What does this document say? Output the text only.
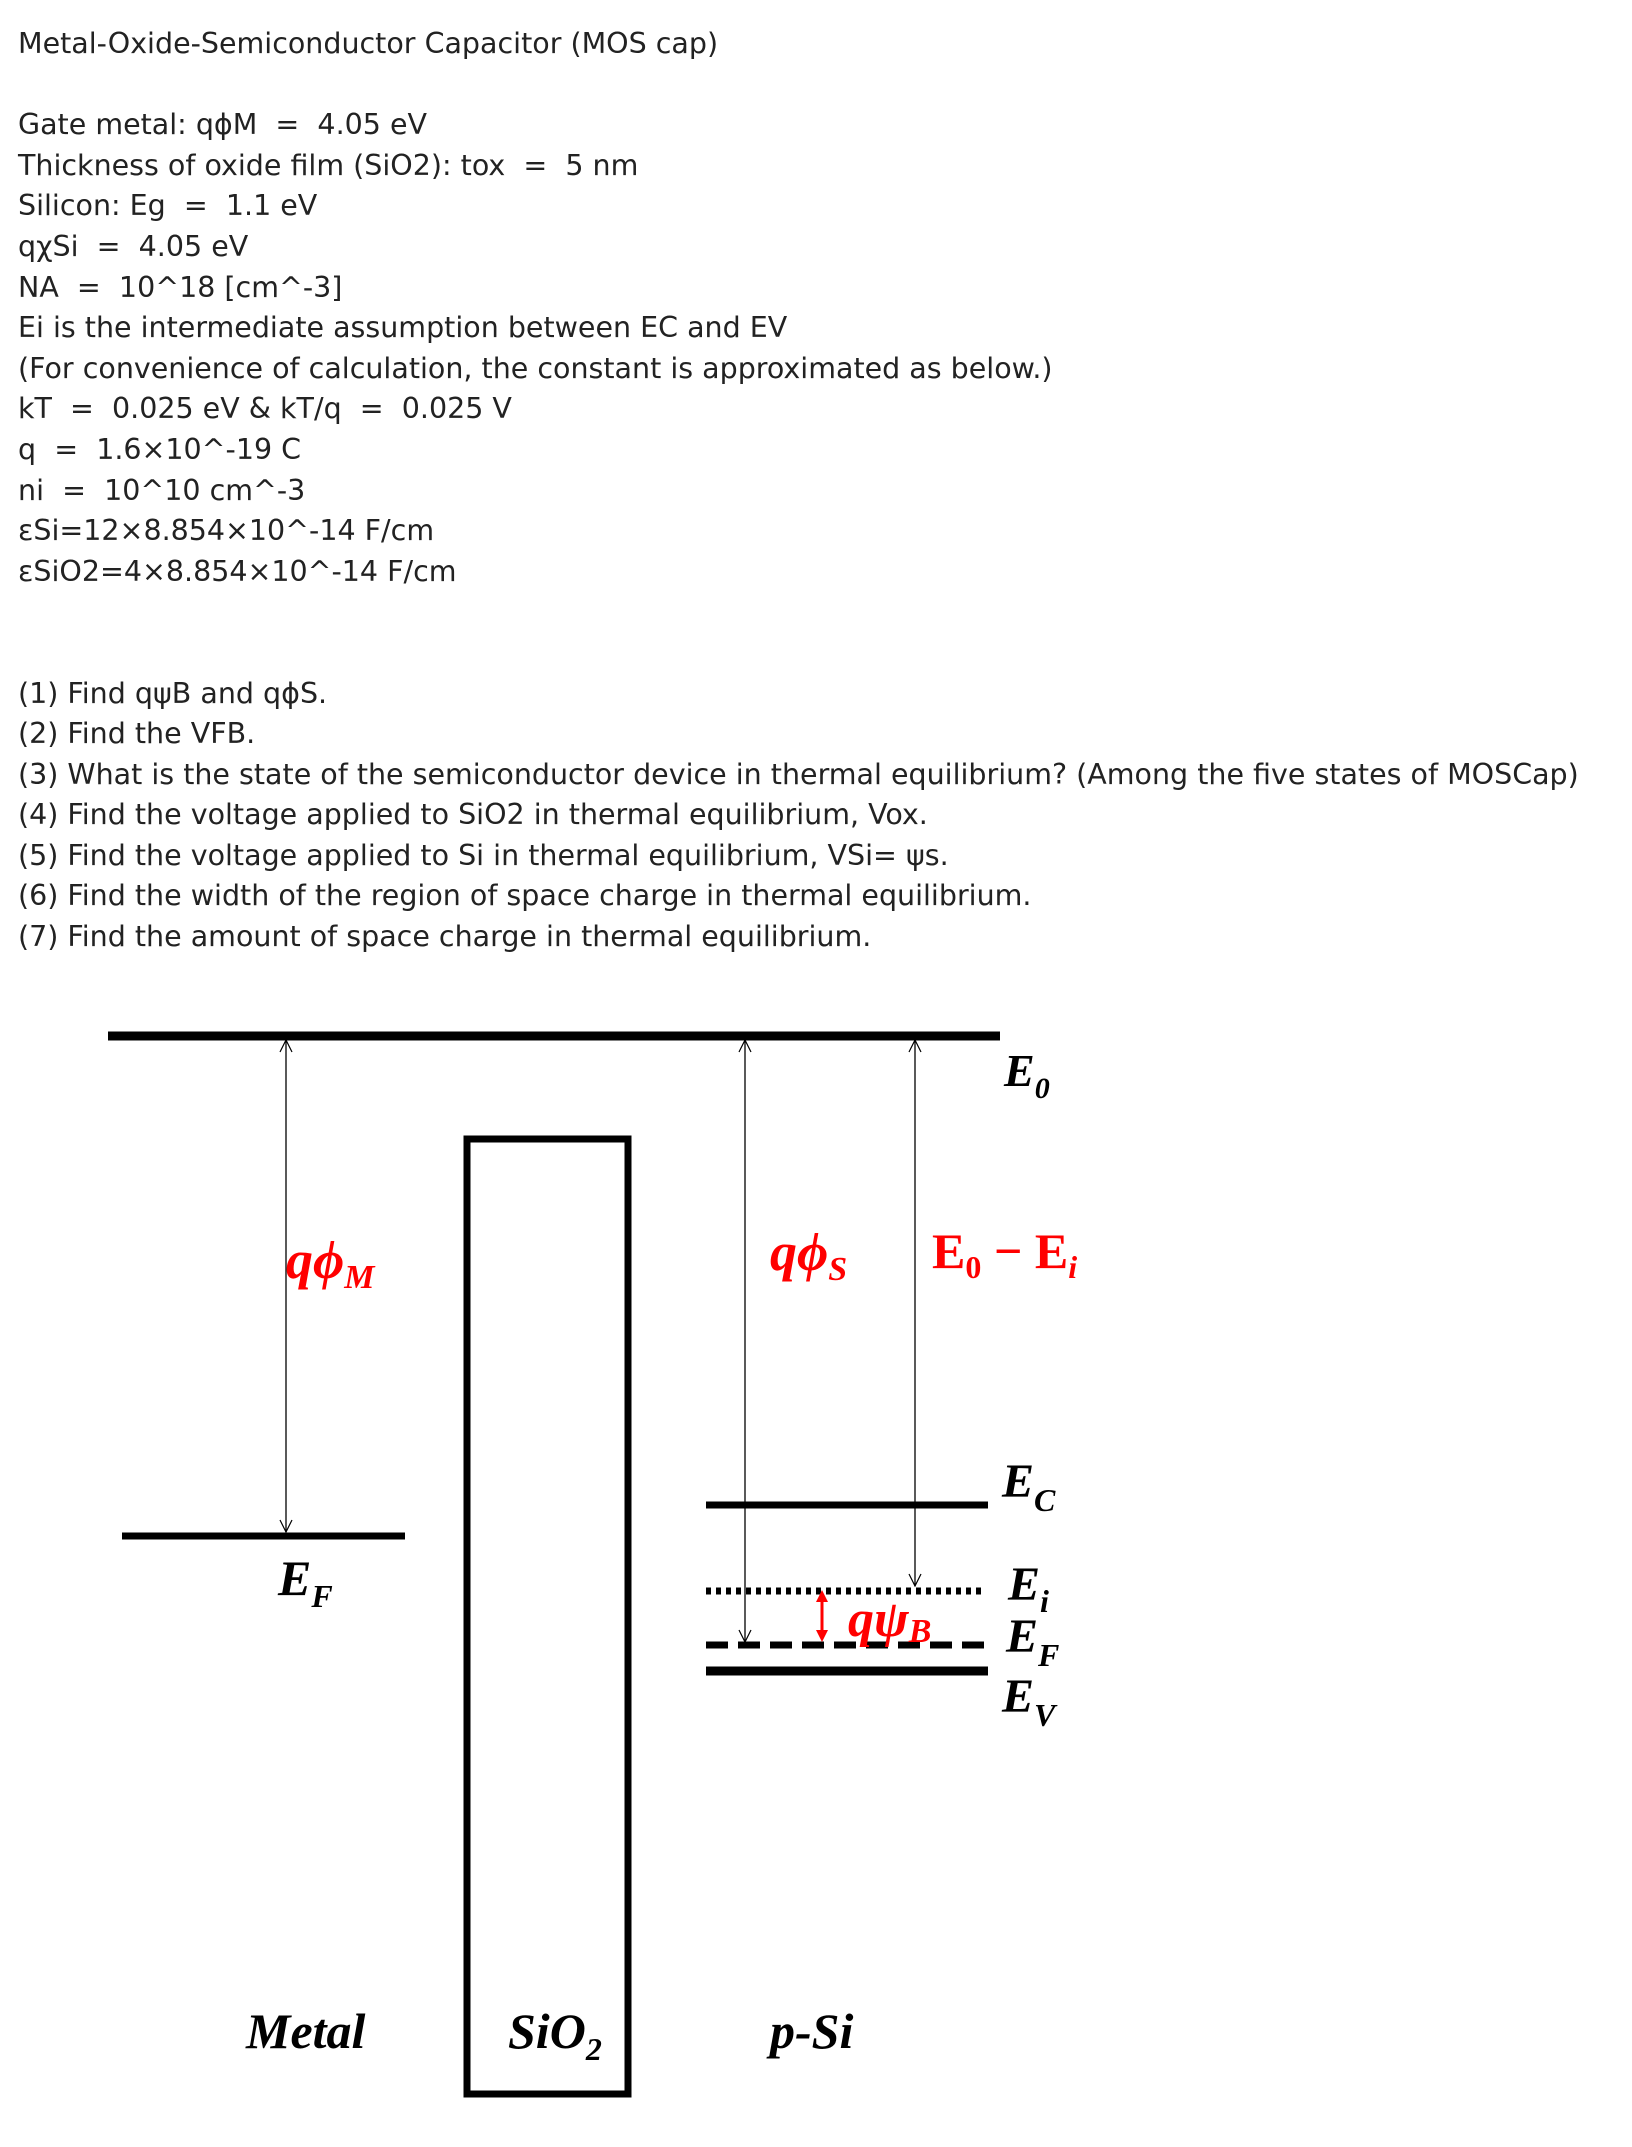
Metal-Oxide-Semiconductor Capacitor (MOS cap)
Gate metal: qϕM  =  4.05 eV
Thickness of oxide film (SiO2): tox  =  5 nm
Silicon: Eg  =  1.1 eV
qχSi  =  4.05 eV
NA  =  10^18 [cm^-3]
Ei is the intermediate assumption between EC and EV
(For convenience of calculation, the constant is approximated as below.)
kT  =  0.025 eV & kT/q  =  0.025 V
q  =  1.6×10^-19 C
ni  =  10^10 cm^-3
εSi=12×8.854×10^-14 F/cm
εSiO2=4×8.854×10^-14 F/cm
(1) Find qψB and qϕS.
(2) Find the VFB.
(3) What is the state of the semiconductor device in thermal equilibrium? (Among the five states of MOSCap)
(4) Find the voltage applied to SiO2 in thermal equilibrium, Vox.
(5) Find the voltage applied to Si in thermal equilibrium, VSi= ψs.
(6) Find the width of the region of space charge in thermal equilibrium.
(7) Find the amount of space charge in thermal equilibrium.
$E_0$
qϕM
$E_F$
qϕS $E_0 - E_i$
$E_C$
$E_i$
qψB $E_F$
$E_V$
Metal	SiO$_2$	p-Si
